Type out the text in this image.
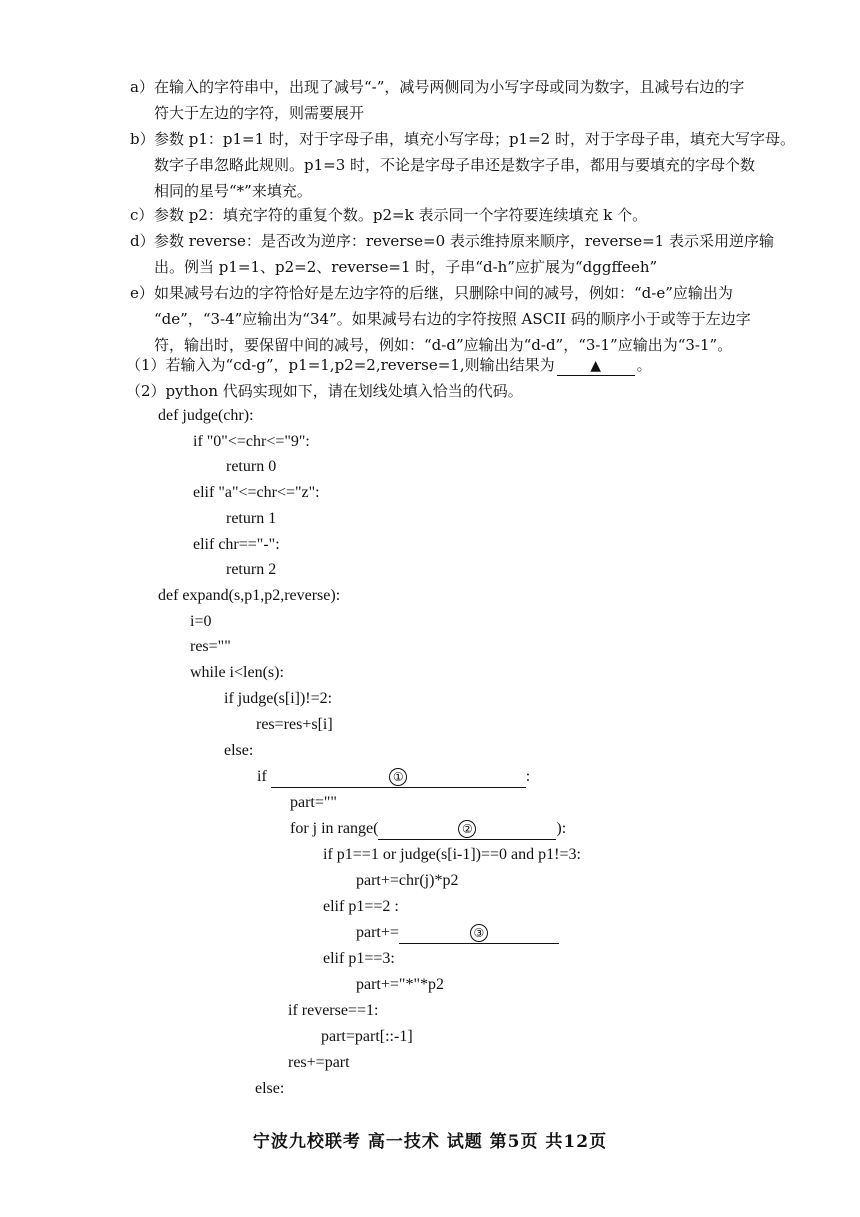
a） 在输入的字符串中，出现了减号“-”，减号两侧同为小写字母或同为数字，且减号右边的字
符大于左边的字符，则需要展开
b） 参数 p1：p1=1 时，对于字母子串，填充小写字母；p1=2 时，对于字母子串，填充大写字母。
数字子串忽略此规则。p1=3 时，不论是字母子串还是数字子串，都用与要填充的字母个数
相同的星号“*”来填充。
c） 参数 p2：填充字符的重复个数。p2=k 表示同一个字符要连续填充 k 个。
d） 参数 reverse：是否改为逆序：reverse=0 表示维持原来顺序，reverse=1 表示采用逆序输
出。例当 p1=1、p2=2、reverse=1 时，子串“d-h”应扩展为“dggffeeh”
e） 如果减号右边的字符恰好是左边字符的后继，只删除中间的减号，例如：“d-e”应输出为
“de”，“3-4”应输出为“34”。如果减号右边的字符按照 ASCII 码的顺序小于或等于左边字
符，输出时，要保留中间的减号，例如：“d-d”应输出为“d-d”，“3-1”应输出为“3-1”。
（1）若输入为“cd-g”，p1=1,p2=2,reverse=1,则输出结果为	▲ 。
（2）python 代码实现如下，请在划线处填入恰当的代码。
def judge(chr):
if "0"<=chr<="9":
return 0
elif "a"<=chr<="z":
return 1
elif chr=="-":
return 2
def expand(s,p1,p2,reverse):
i=0
res=""
while i<len(s):
if judge(s[i])!=2:
res=res+s[i]
else:
if	①	:
part=""
for j in range(	②	):
if p1==1 or judge(s[i-1])==0 and p1!=3:
part+=chr(j)*p2
elif p1==2 :
part+=	③
elif p1==3:
part+="*"*p2
if reverse==1:
part=part[::-1]
res+=part
else:
宁波九校联考 高一技术 试题 第5页 共12页
